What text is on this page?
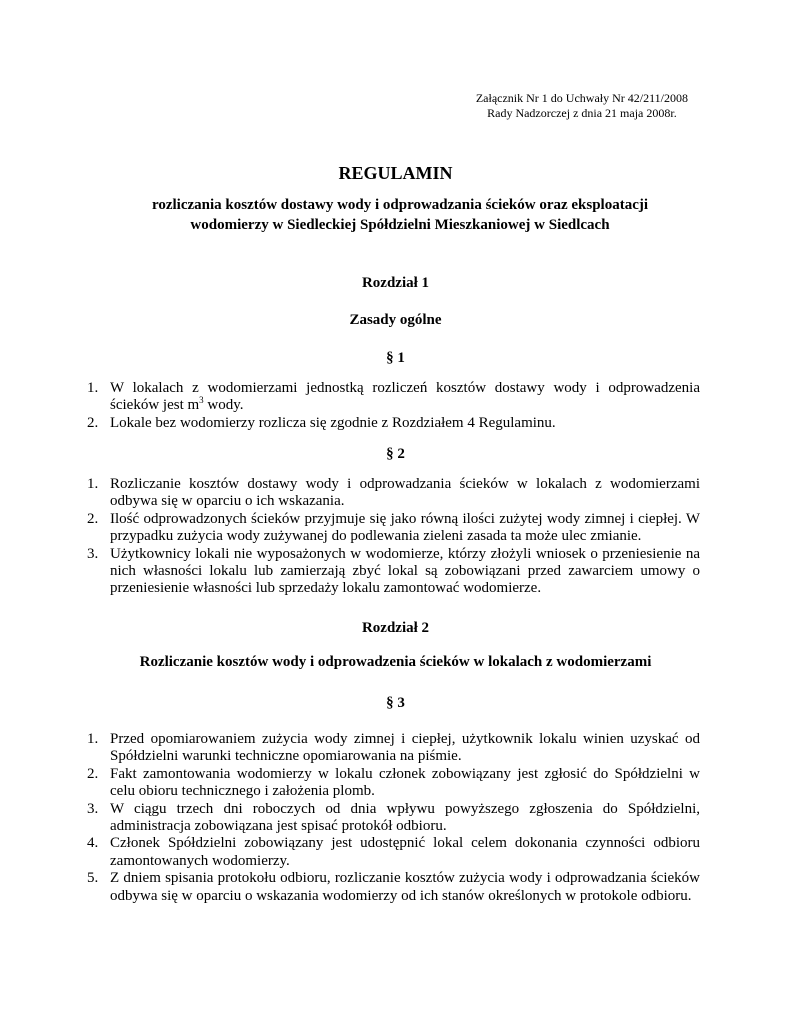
Załącznik Nr 1 do Uchwały Nr 42/211/2008
Rady Nadzorczej z dnia 21 maja 2008r.
REGULAMIN
rozliczania kosztów dostawy wody i odprowadzania ścieków oraz eksploatacji
wodomierzy w Siedleckiej Spółdzielni Mieszkaniowej w Siedlcach
Rozdział 1
Zasady ogólne
§ 1
1. W lokalach z wodomierzami jednostką rozliczeń kosztów dostawy wody i odprowadzenia ścieków jest $m^3$ wody.
2. Lokale bez wodomierzy rozlicza się zgodnie z Rozdziałem 4 Regulaminu.
§ 2
1. Rozliczanie kosztów dostawy wody i odprowadzania ścieków w lokalach z wodomierzami odbywa się w oparciu o ich wskazania.
2. Ilość odprowadzonych ścieków przyjmuje się jako równą ilości zużytej wody zimnej i ciepłej. W przypadku zużycia wody zużywanej do podlewania zieleni zasada ta może ulec zmianie.
3. Użytkownicy lokali nie wyposażonych w wodomierze, którzy złożyli wniosek o przeniesienie na nich własności lokalu lub zamierzają zbyć lokal są zobowiązani przed zawarciem umowy o przeniesienie własności lub sprzedaży lokalu zamontować wodomierze.
Rozdział 2
Rozliczanie kosztów wody i odprowadzenia ścieków w lokalach z wodomierzami
§ 3
1. Przed opomiarowaniem zużycia wody zimnej i ciepłej, użytkownik lokalu winien uzyskać od Spółdzielni warunki techniczne opomiarowania na piśmie.
2. Fakt zamontowania wodomierzy w lokalu członek zobowiązany jest zgłosić do Spółdzielni w celu obioru technicznego i założenia plomb.
3. W ciągu trzech dni roboczych od dnia wpływu powyższego zgłoszenia do Spółdzielni, administracja zobowiązana jest spisać protokół odbioru.
4. Członek Spółdzielni zobowiązany jest udostępnić lokal celem dokonania czynności odbioru zamontowanych wodomierzy.
5. Z dniem spisania protokołu odbioru, rozliczanie kosztów zużycia wody i odprowadzania ścieków odbywa się w oparciu o wskazania wodomierzy od ich stanów określonych w protokole odbioru.
